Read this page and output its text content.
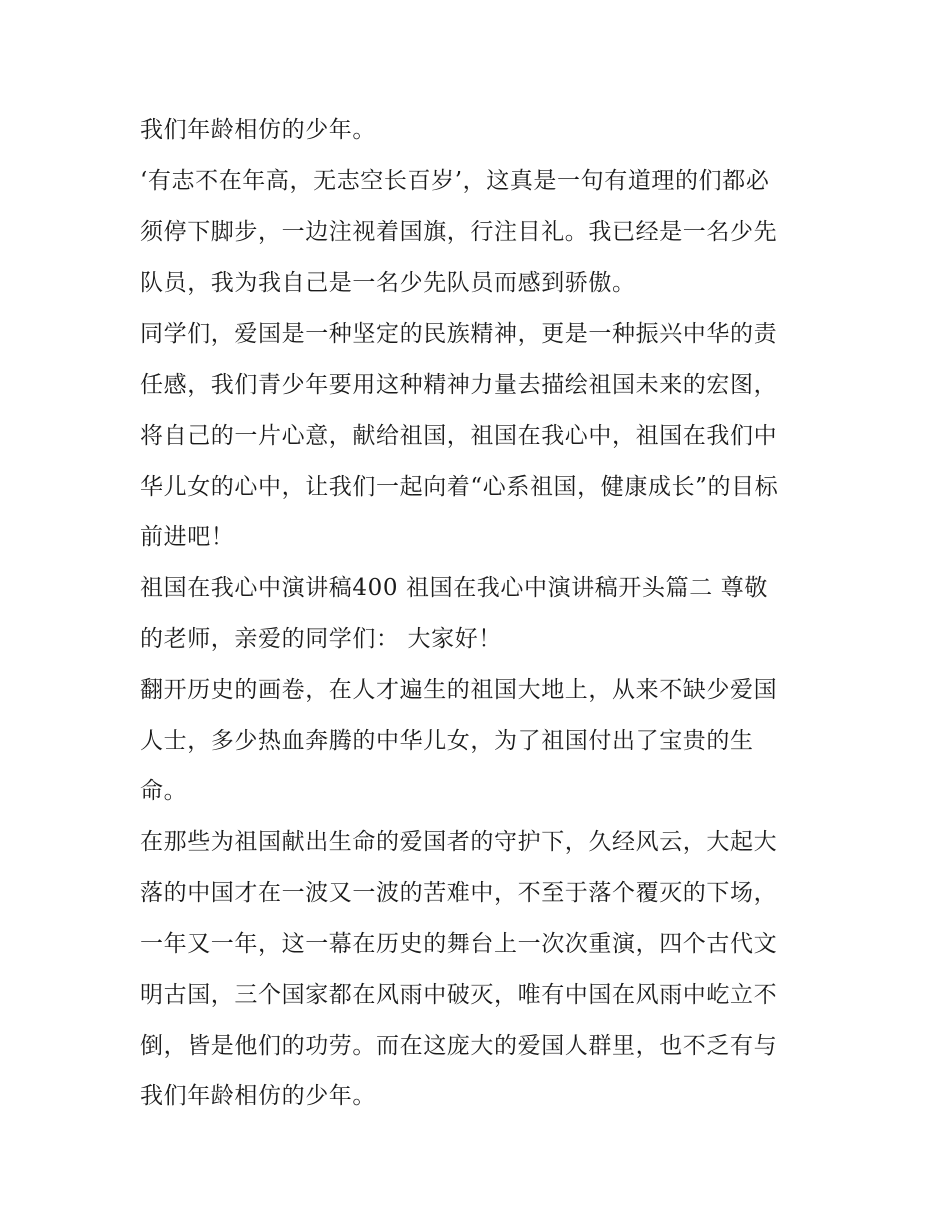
我们年龄相仿的少年。
‘有志不在年高，无志空长百岁’，这真是一句有道理的们都必
须停下脚步，一边注视着国旗，行注目礼。我已经是一名少先
队员，我为我自己是一名少先队员而感到骄傲。
同学们，爱国是一种坚定的民族精神，更是一种振兴中华的责
任感，我们青少年要用这种精神力量去描绘祖国未来的宏图，
将自己的一片心意，献给祖国，祖国在我心中，祖国在我们中
华儿女的心中，让我们一起向着“心系祖国，健康成长”的目标
前进吧！
祖国在我心中演讲稿400 祖国在我心中演讲稿开头篇二 尊敬
的老师，亲爱的同学们： 大家好！
翻开历史的画卷，在人才遍生的祖国大地上，从来不缺少爱国
人士，多少热血奔腾的中华儿女，为了祖国付出了宝贵的生
命。
在那些为祖国献出生命的爱国者的守护下，久经风云，大起大
落的中国才在一波又一波的苦难中，不至于落个覆灭的下场，
一年又一年，这一幕在历史的舞台上一次次重演，四个古代文
明古国，三个国家都在风雨中破灭，唯有中国在风雨中屹立不
倒，皆是他们的功劳。而在这庞大的爱国人群里，也不乏有与
我们年龄相仿的少年。
